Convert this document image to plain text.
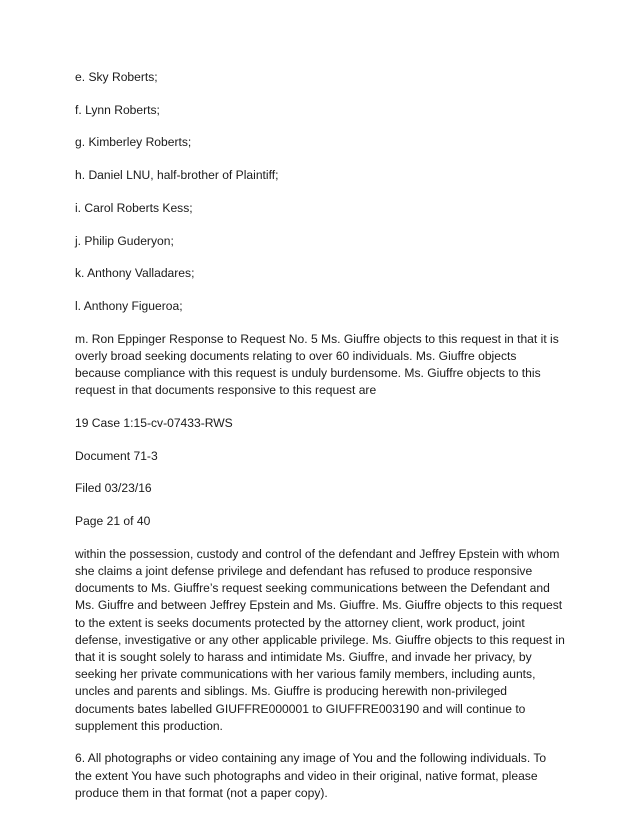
e. Sky Roberts;

f. Lynn Roberts;

g. Kimberley Roberts;

h. Daniel LNU, half-brother of Plaintiff;

i. Carol Roberts Kess;

j. Philip Guderyon;

k. Anthony Valladares;

l. Anthony Figueroa;

m. Ron Eppinger Response to Request No. 5 Ms. Giuffre objects to this request in that it is overly broad seeking documents relating to over 60 individuals. Ms. Giuffre objects because compliance with this request is unduly burdensome. Ms. Giuffre objects to this request in that documents responsive to this request are

19 Case 1:15-cv-07433-RWS

Document 71-3

Filed 03/23/16

Page 21 of 40

within the possession, custody and control of the defendant and Jeffrey Epstein with whom she claims a joint defense privilege and defendant has refused to produce responsive documents to Ms. Giuffre’s request seeking communications between the Defendant and Ms. Giuffre and between Jeffrey Epstein and Ms. Giuffre. Ms. Giuffre objects to this request to the extent is seeks documents protected by the attorney client, work product, joint defense, investigative or any other applicable privilege. Ms. Giuffre objects to this request in that it is sought solely to harass and intimidate Ms. Giuffre, and invade her privacy, by seeking her private communications with her various family members, including aunts, uncles and parents and siblings. Ms. Giuffre is producing herewith non-privileged documents bates labelled GIUFFRE000001 to GIUFFRE003190 and will continue to supplement this production.

6. All photographs or video containing any image of You and the following individuals. To the extent You have such photographs and video in their original, native format, please produce them in that format (not a paper copy).
